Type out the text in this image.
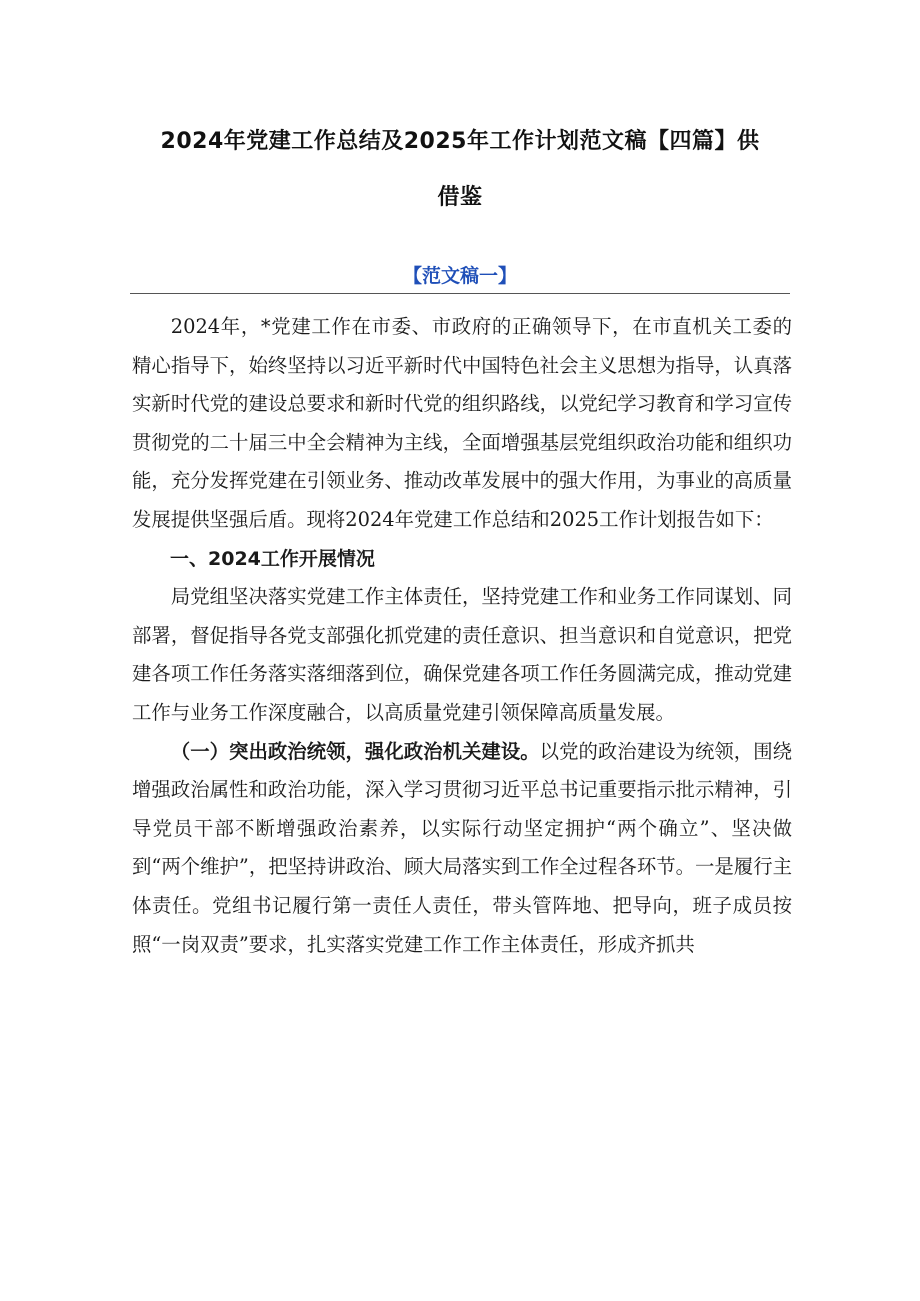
2024年党建工作总结及2025年工作计划范文稿【四篇】供借鉴
【范文稿一】

2024年，*党建工作在市委、市政府的正确领导下，在市直机关工委的精心指导下，始终坚持以习近平新时代中国特色社会主义思想为指导，认真落实新时代党的建设总要求和新时代党的组织路线，以党纪学习教育和学习宣传贯彻党的二十届三中全会精神为主线，全面增强基层党组织政治功能和组织功能，充分发挥党建在引领业务、推动改革发展中的强大作用，为事业的高质量发展提供坚强后盾。现将2024年党建工作总结和2025工作计划报告如下：

一、2024工作开展情况

局党组坚决落实党建工作主体责任，坚持党建工作和业务工作同谋划、同部署，督促指导各党支部强化抓党建的责任意识、担当意识和自觉意识，把党建各项工作任务落实落细落到位，确保党建各项工作任务圆满完成，推动党建工作与业务工作深度融合，以高质量党建引领保障高质量发展。

（一）突出政治统领，强化政治机关建设。以党的政治建设为统领，围绕增强政治属性和政治功能，深入学习贯彻习近平总书记重要指示批示精神，引导党员干部不断增强政治素养，以实际行动坚定拥护“两个确立”、坚决做到“两个维护”，把坚持讲政治、顾大局落实到工作全过程各环节。一是履行主体责任。党组书记履行第一责任人责任，带头管阵地、把导向，班子成员按照“一岗双责”要求，扎实落实党建工作工作主体责任，形成齐抓共
